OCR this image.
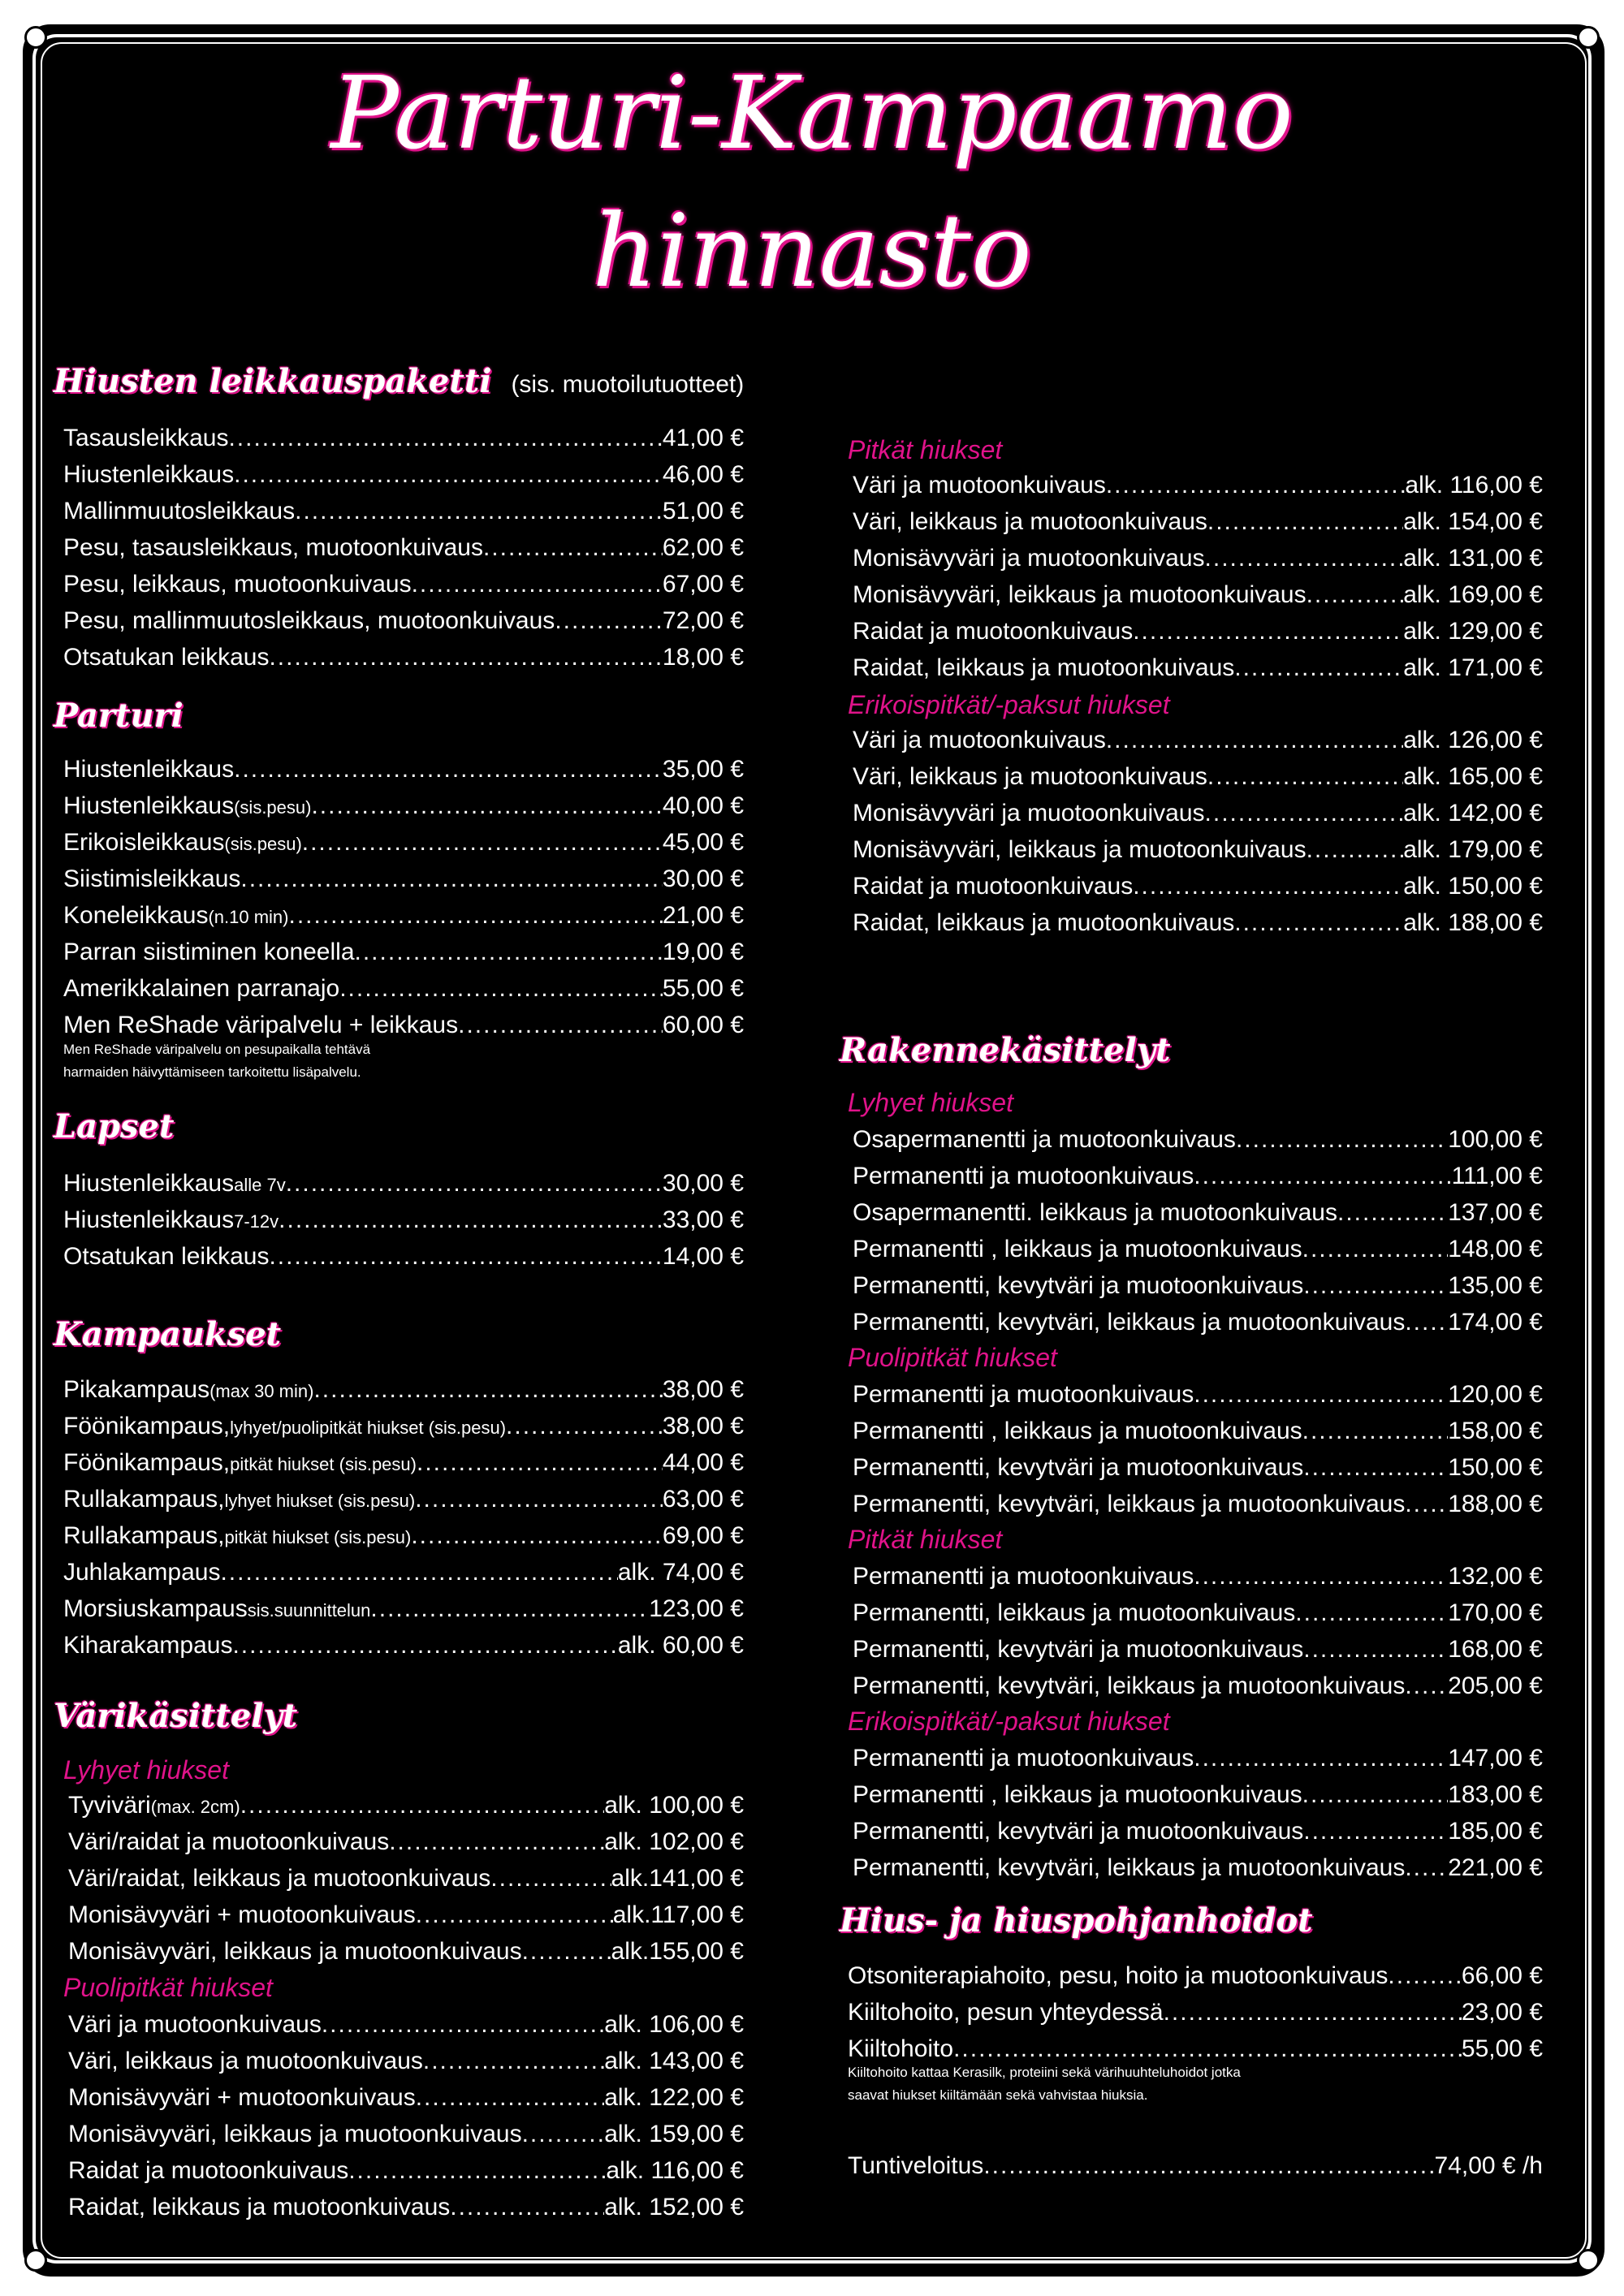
Parturi-Kampaamo
hinnasto
Hiusten leikkauspaketti (sis. muotoilutuotteet)
Tasausleikkaus .....	41,00 €
Hiustenleikkaus .....	46,00 €
Mallinmuutosleikkaus .....	51,00 €
Pesu, tasausleikkaus, muotoonkuivaus .....	62,00 €
Pesu, leikkaus, muotoonkuivaus .....	67,00 €
Pesu, mallinmuutosleikkaus, muotoonkuivaus .....	72,00 €
Otsatukan leikkaus .....	18,00 €
Parturi
Hiustenleikkaus .....	35,00 €
Hiustenleikkaus (sis.pesu) .....	40,00 €
Erikoisleikkaus (sis.pesu) .....	45,00 €
Siistimisleikkaus .....	30,00 €
Koneleikkaus (n.10 min) .....	21,00 €
Parran siistiminen koneella .....	19,00 €
Amerikkalainen parranajo .....	55,00 €
Men ReShade väripalvelu + leikkaus .....	60,00 €
Men ReShade väripalvelu on pesupaikalla tehtävä
harmaiden häivyttämiseen tarkoitettu lisäpalvelu.
Lapset
Hiustenleikkaus alle 7v .....	30,00 €
Hiustenleikkaus 7-12v .....	33,00 €
Otsatukan leikkaus .....	14,00 €
Kampaukset
Pikakampaus (max 30 min) .....	38,00 €
Föönikampaus, lyhyet/puolipitkät hiukset (sis.pesu) .....	38,00 €
Föönikampaus, pitkät hiukset (sis.pesu) .....	44,00 €
Rullakampaus, lyhyet hiukset (sis.pesu) .....	63,00 €
Rullakampaus, pitkät hiukset (sis.pesu) .....	69,00 €
Juhlakampaus .....	alk. 74,00 €
Morsiuskampaus sis.suunnittelun .....	123,00 €
Kiharakampaus .....	alk. 60,00 €
Värikäsittelyt
Lyhyet hiukset
Tyviväri (max. 2cm) .....	alk. 100,00 €
Väri/raidat ja muotoonkuivaus .....	alk. 102,00 €
Väri/raidat, leikkaus ja muotoonkuivaus .....	alk.141,00 €
Monisävyväri + muotoonkuivaus .....	alk.117,00 €
Monisävyväri, leikkaus ja muotoonkuivaus .....	alk.155,00 €
Puolipitkät hiukset
Väri ja muotoonkuivaus .....	alk. 106,00 €
Väri, leikkaus ja muotoonkuivaus .....	alk. 143,00 €
Monisävyväri + muotoonkuivaus .....	alk. 122,00 €
Monisävyväri, leikkaus ja muotoonkuivaus .....	alk. 159,00 €
Raidat ja muotoonkuivaus .....	alk. 116,00 €
Raidat, leikkaus ja muotoonkuivaus .....	alk. 152,00 €
Pitkät hiukset
Väri ja muotoonkuivaus .....	alk. 116,00 €
Väri, leikkaus ja muotoonkuivaus .....	alk. 154,00 €
Monisävyväri ja muotoonkuivaus .....	alk. 131,00 €
Monisävyväri, leikkaus ja muotoonkuivaus .....	alk. 169,00 €
Raidat ja muotoonkuivaus .....	alk. 129,00 €
Raidat, leikkaus ja muotoonkuivaus .....	alk. 171,00 €
Erikoispitkät/-paksut hiukset
Väri ja muotoonkuivaus .....	alk. 126,00 €
Väri, leikkaus ja muotoonkuivaus .....	alk. 165,00 €
Monisävyväri ja muotoonkuivaus .....	alk. 142,00 €
Monisävyväri, leikkaus ja muotoonkuivaus .....	alk. 179,00 €
Raidat ja muotoonkuivaus .....	alk. 150,00 €
Raidat, leikkaus ja muotoonkuivaus .....	alk. 188,00 €
Rakennekäsittelyt
Lyhyet hiukset
Osapermanentti ja muotoonkuivaus .....	100,00 €
Permanentti ja muotoonkuivaus .....	111,00 €
Osapermanentti. leikkaus ja muotoonkuivaus .....	137,00 €
Permanentti , leikkaus ja muotoonkuivaus .....	148,00 €
Permanentti, kevytväri ja muotoonkuivaus .....	135,00 €
Permanentti, kevytväri, leikkaus ja muotoonkuivaus ..... 174,00 €
Puolipitkät hiukset
Permanentti ja muotoonkuivaus .....	120,00 €
Permanentti , leikkaus ja muotoonkuivaus .....	158,00 €
Permanentti, kevytväri ja muotoonkuivaus .....	150,00 €
Permanentti, kevytväri, leikkaus ja muotoonkuivaus ..... 188,00 €
Pitkät hiukset
Permanentti ja muotoonkuivaus .....	132,00 €
Permanentti, leikkaus ja muotoonkuivaus .....	170,00 €
Permanentti, kevytväri ja muotoonkuivaus .....	168,00 €
Permanentti, kevytväri, leikkaus ja muotoonkuivaus ..... 205,00 €
Erikoispitkät/-paksut hiukset
Permanentti ja muotoonkuivaus .....	147,00 €
Permanentti , leikkaus ja muotoonkuivaus .....	183,00 €
Permanentti, kevytväri ja muotoonkuivaus .....	185,00 €
Permanentti, kevytväri, leikkaus ja muotoonkuivaus ..... 221,00 €
Hius- ja hiuspohjanhoidot
Otsoniterapiahoito, pesu, hoito ja muotoonkuivaus .....	66,00 €
Kiiltohoito, pesun yhteydessä .....	23,00 €
Kiiltohoito .....	55,00 €
Kiiltohoito kattaa Kerasilk, proteiini sekä värihuuhteluhoidot jotka
saavat hiukset kiiltämään sekä vahvistaa hiuksia.
Tuntiveloitus .....	74,00 € /h
